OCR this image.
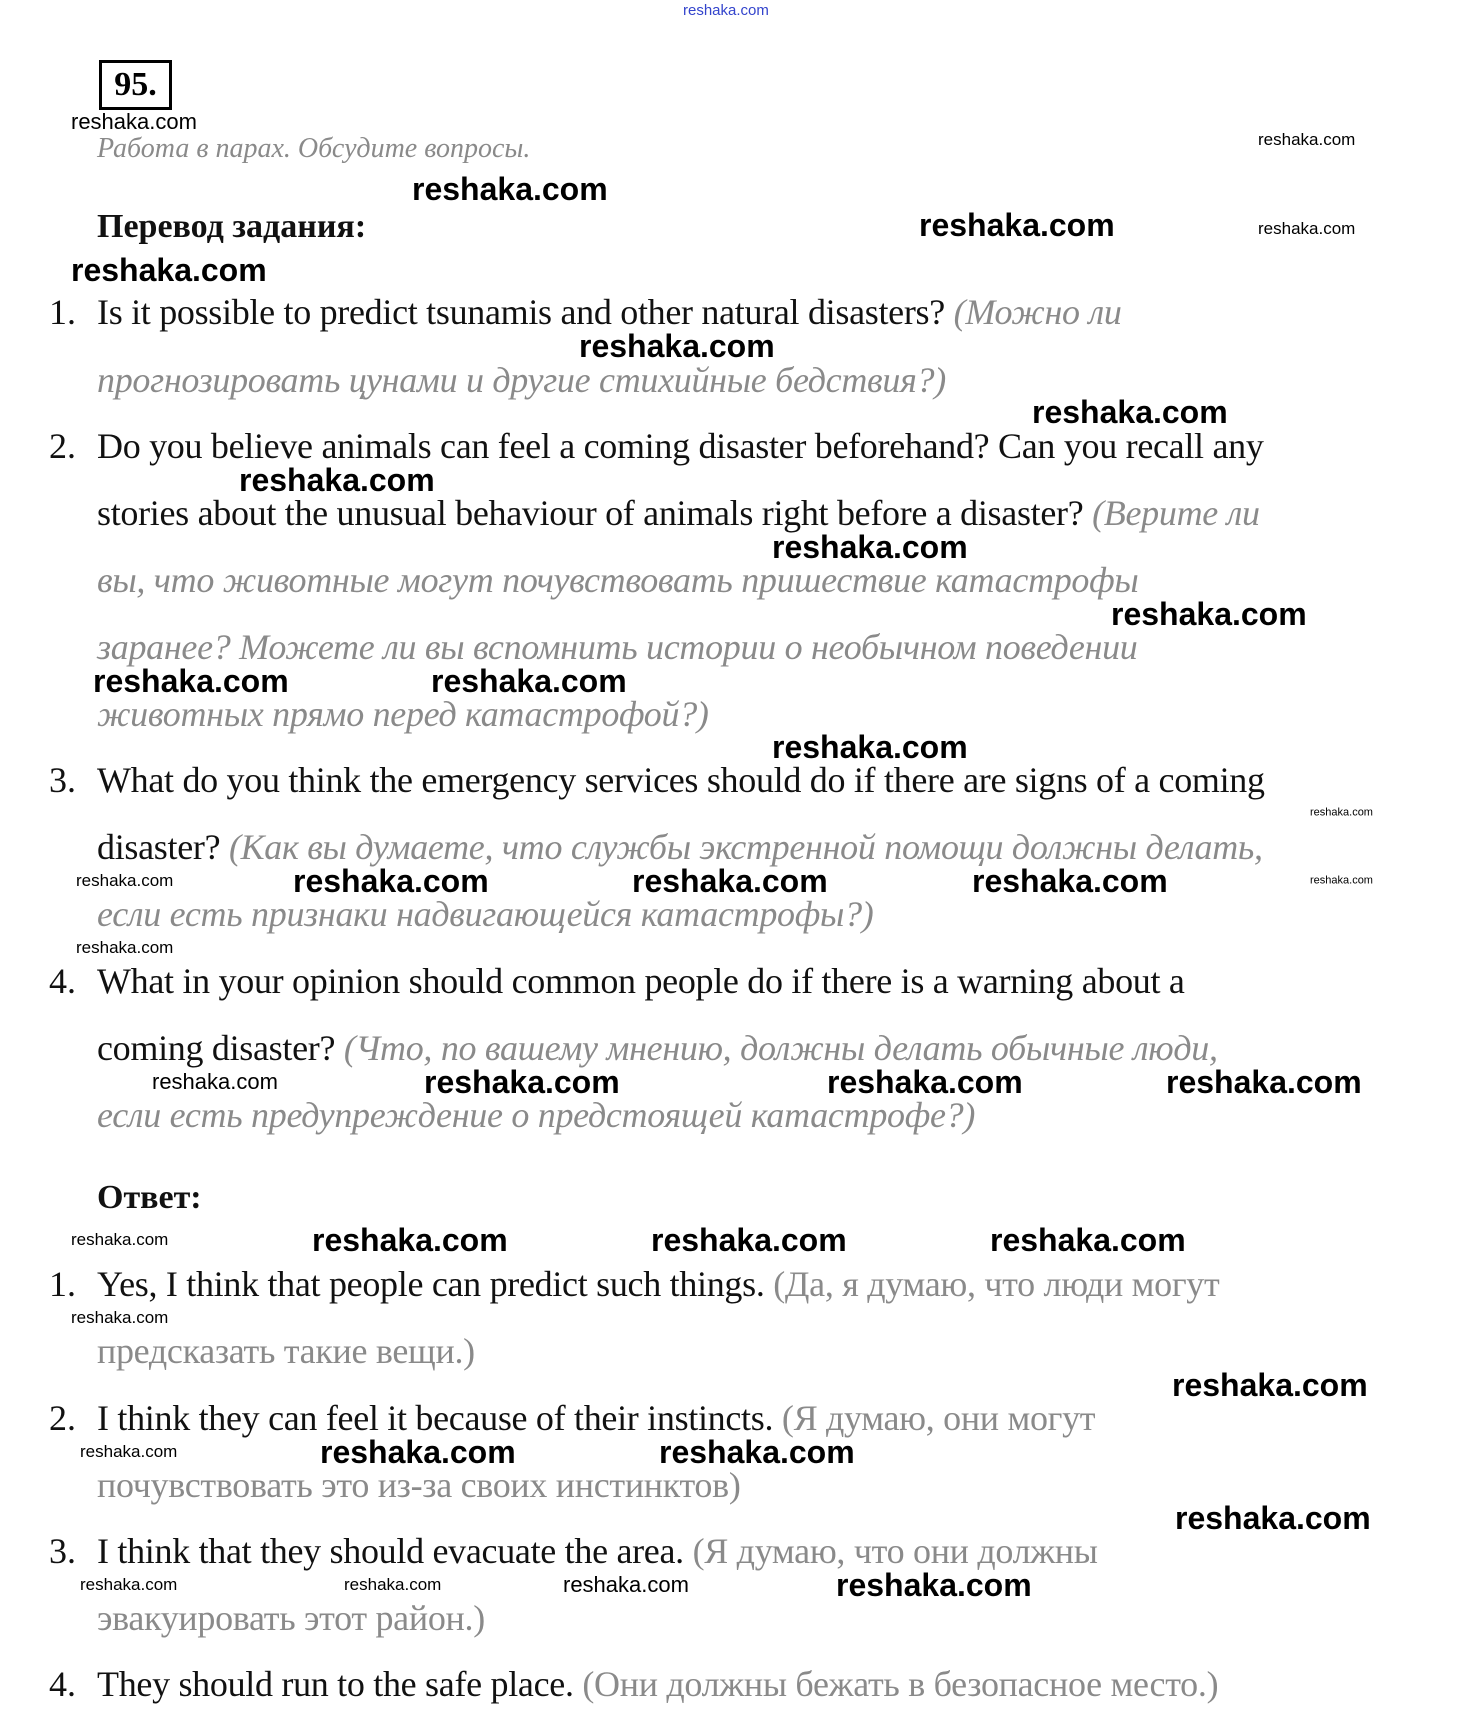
reshaka.com
95.
Работа в парах. Обсудите вопросы.
Перевод задания:
Ответ:
1. Is it possible to predict tsunamis and other natural disasters? (Можно ли
прогнозировать цунами и другие стихийные бедствия?)
2. Do you believe animals can feel a coming disaster beforehand? Can you recall any
stories about the unusual behaviour of animals right before a disaster? (Верите ли
вы, что животные могут почувствовать пришествие катастрофы
заранее? Можете ли вы вспомнить истории о необычном поведении
животных прямо перед катастрофой?)
3. What do you think the emergency services should do if there are signs of a coming
disaster? (Как вы думаете, что службы экстренной помощи должны делать,
если есть признаки надвигающейся катастрофы?)
4. What in your opinion should common people do if there is a warning about a
coming disaster? (Что, по вашему мнению, должны делать обычные люди,
если есть предупреждение о предстоящей катастрофе?)
1. Yes, I think that people can predict such things. (Да, я думаю, что люди могут
предсказать такие вещи.)
2. I think they can feel it because of their instincts. (Я думаю, они могут
почувствовать это из-за своих инстинктов)
3. I think that they should evacuate the area. (Я думаю, что они должны
эвакуировать этот район.)
4. They should run to the safe place. (Они должны бежать в безопасное место.)
reshaka.com
reshaka.com
reshaka.com
reshaka.com	reshaka.com
reshaka.com
reshaka.com
reshaka.com
reshaka.com
reshaka.com
reshaka.com
reshaka.com	reshaka.com
reshaka.com
reshaka.com
reshaka.com
reshaka.com	reshaka.com	reshaka.com	reshaka.com
reshaka.com
reshaka.com	reshaka.com	reshaka.com	reshaka.com
reshaka.com	reshaka.com	reshaka.com	reshaka.com
reshaka.com
reshaka.com
reshaka.com	reshaka.com	reshaka.com
reshaka.com	reshaka.com	reshaka.com	reshaka.com
reshaka.com
